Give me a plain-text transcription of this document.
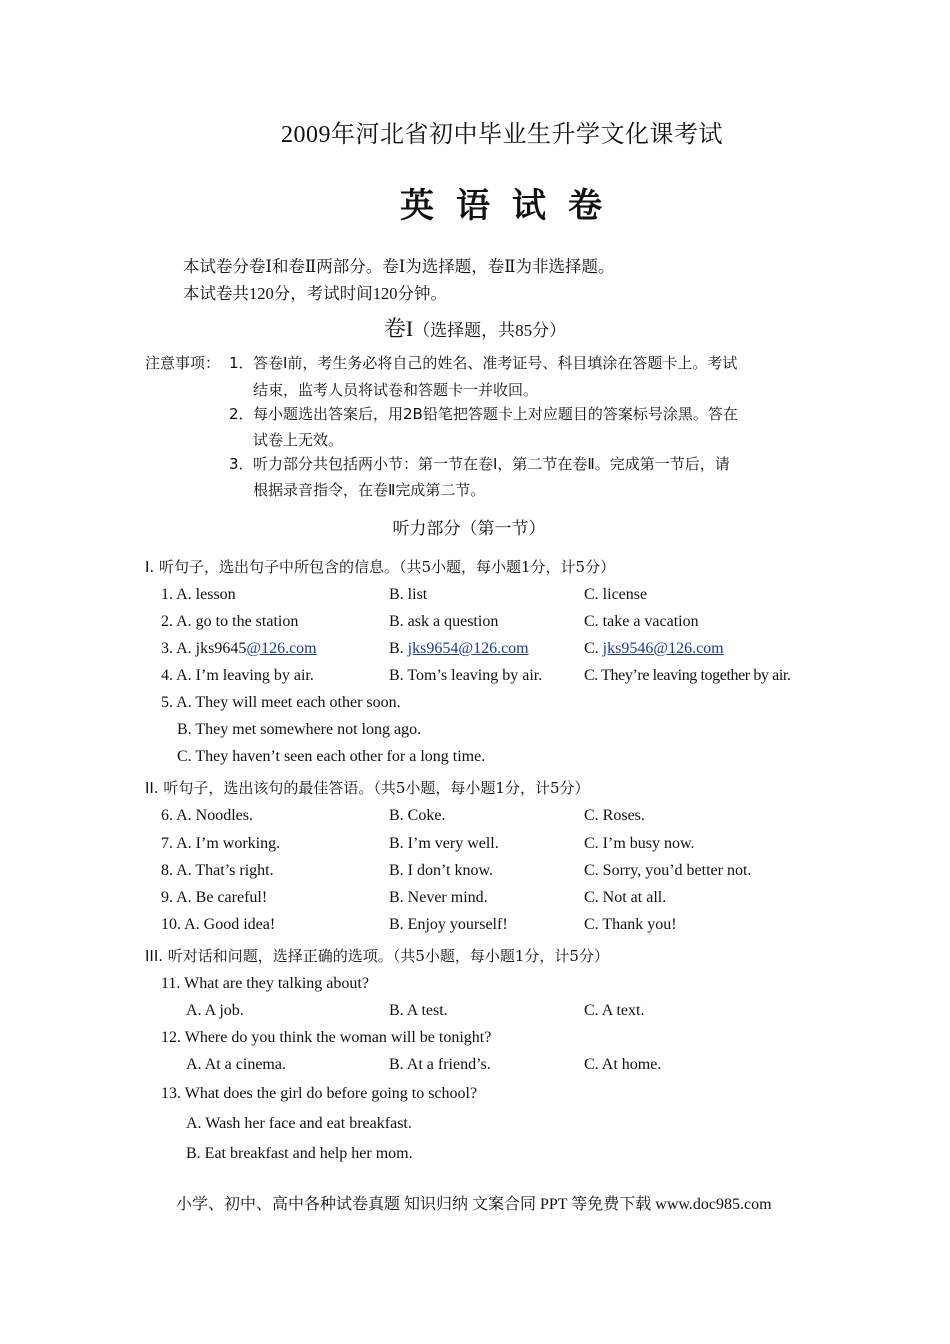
2009年河北省初中毕业生升学文化课考试
英语试卷
本试卷分卷Ⅰ和卷Ⅱ两部分。卷Ⅰ为选择题，卷Ⅱ为非选择题。
本试卷共120分，考试时间120分钟。
卷I（选择题，共85分）
注意事项： 1． 答卷Ⅰ前，考生务必将自己的姓名、准考证号、科目填涂在答题卡上。考试
结束，监考人员将试卷和答题卡一并收回。
2． 每小题选出答案后，用2B铅笔把答题卡上对应题目的答案标号涂黑。答在
试卷上无效。
3． 听力部分共包括两小节：第一节在卷Ⅰ，第二节在卷Ⅱ。完成第一节后，请
根据录音指令，在卷Ⅱ完成第二节。
听力部分（第一节）
I. 听句子，选出句子中所包含的信息。（共5小题，每小题1分，计5分）
1. A. lesson	B. list	C. license
2. A. go to the station	B. ask a question	C. take a vacation
3. A. jks9645@126.com	B. jks9654@126.com	C. jks9546@126.com
4. A. I’m leaving by air.	B. Tom’s leaving by air.	C. They’re leaving together by air.
5. A. They will meet each other soon.
B. They met somewhere not long ago.
C. They haven’t seen each other for a long time.
II. 听句子，选出该句的最佳答语。（共5小题，每小题1分，计5分）
6. A. Noodles.	B. Coke.	C. Roses.
7. A. I’m working.	B. I’m very well.	C. I’m busy now.
8. A. That’s right.	B. I don’t know.	C. Sorry, you’d better not.
9. A. Be careful!	B. Never mind.	C. Not at all.
10. A. Good idea!	B. Enjoy yourself!	C. Thank you!
III. 听对话和问题，选择正确的选项。（共5小题，每小题1分，计5分）
11. What are they talking about?
A. A job.	B. A test.	C. A text.
12. Where do you think the woman will be tonight?
A. At a cinema.	B. At a friend’s.	C. At home.
13. What does the girl do before going to school?
A. Wash her face and eat breakfast.
B. Eat breakfast and help her mom.
小学、初中、高中各种试卷真题 知识归纳 文案合同 PPT 等免费下载 www.doc985.com
